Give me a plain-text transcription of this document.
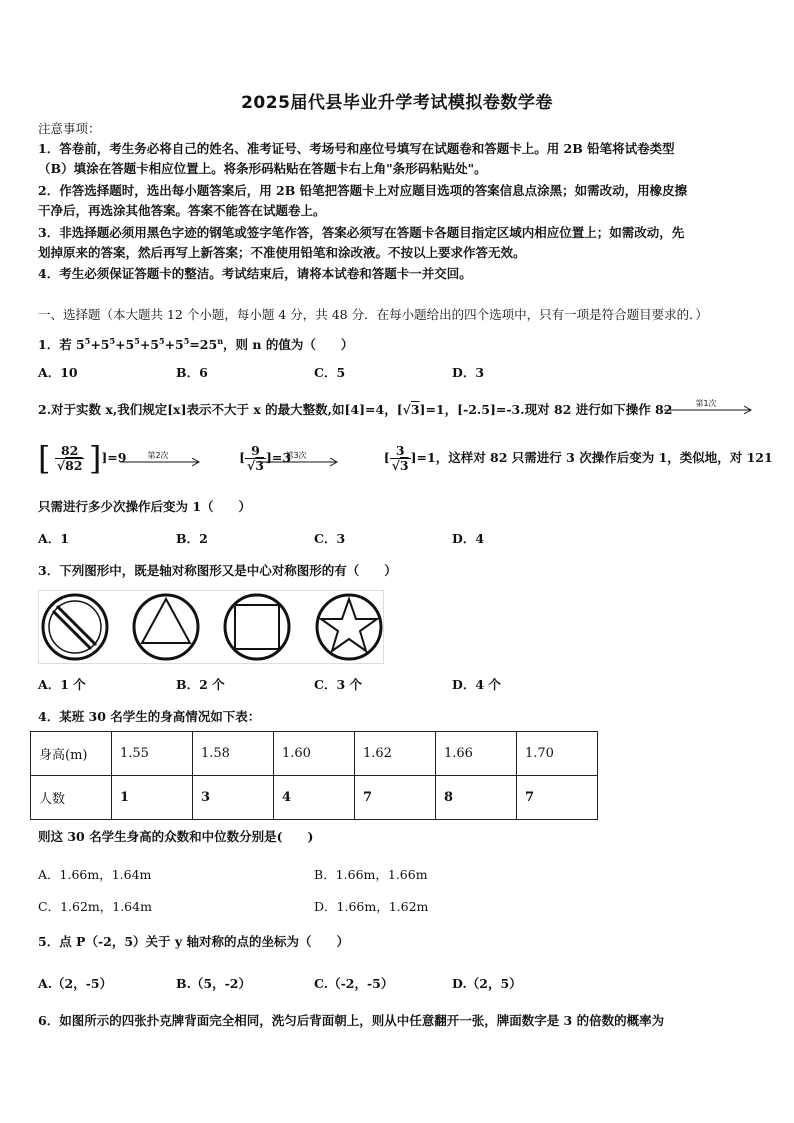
2025届代县毕业升学考试模拟卷数学卷
注意事项：
1．答卷前，考生务必将自己的姓名、准考证号、考场号和座位号填写在试题卷和答题卡上。用 2B 铅笔将试卷类型
（B）填涂在答题卡相应位置上。将条形码粘贴在答题卡右上角"条形码粘贴处"。
2．作答选择题时，选出每小题答案后，用 2B 铅笔把答题卡上对应题目选项的答案信息点涂黑；如需改动，用橡皮擦
干净后，再选涂其他答案。答案不能答在试题卷上。
3．非选择题必须用黑色字迹的钢笔或签字笔作答，答案必须写在答题卡各题目指定区域内相应位置上；如需改动，先
划掉原来的答案，然后再写上新答案；不准使用铅笔和涂改液。不按以上要求作答无效。
4．考生必须保证答题卡的整洁。考试结束后，请将本试卷和答题卡一并交回。
一、选择题（本大题共 12 个小题，每小题 4 分，共 48 分．在每小题给出的四个选项中，只有一项是符合题目要求的．）
1．若 $5^5+5^5+5^5+5^5+5^5=25^n$，则 n 的值为（　　）
A．10	B．6	C．5	D．3
2.对于实数 x,我们规定[x]表示不大于 x 的最大整数,如[4]=4，[√3]=1，[-2.5]=-3.现对 82 进行如下操作 82	第1次
[ $\frac{82}{√82} ]]=9$	[ $\frac{9}{√3} ]=3$	[ $\frac{3}{√3} ]=1$，这样对 82 只需进行 3 次操作后变为 1，类似地，对 121
第2次	第3次
只需进行多少次操作后变为 1（　　）
A．1	B．2	C．3	D．4
3．下列图形中，既是轴对称图形又是中心对称图形的有（　　）
A．1 个	B．2 个	C．3 个	D．4 个
4．某班 30 名学生的身高情况如下表：
身高(m)	1.55	1.58	1.60	1.62	1.66	1.70
人数	1	3	4	7	8	7
则这 30 名学生身高的众数和中位数分别是(　　)
A．1.66m，1.64m	B．1.66m，1.66m
C．1.62m，1.64m	D．1.66m，1.62m
5．点 P（-2，5）关于 y 轴对称的点的坐标为（　　）
A.（2，-5）	B.（5，-2）	C.（-2，-5）	D.（2，5）
6．如图所示的四张扑克牌背面完全相同，洗匀后背面朝上，则从中任意翻开一张，牌面数字是 3 的倍数的概率为
